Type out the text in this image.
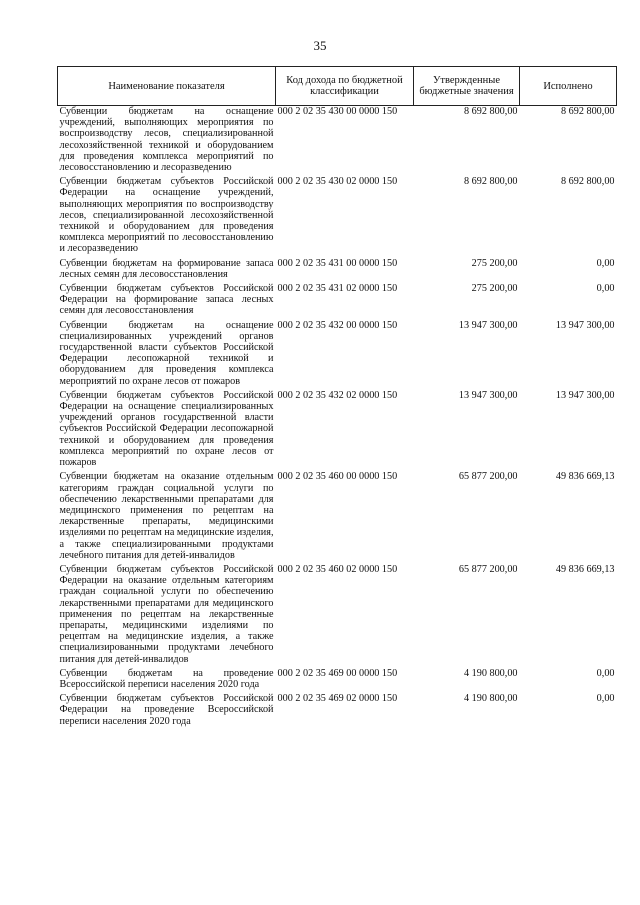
35
Наименование показателя	Код дохода по бюджетной классификации	Утвержденные бюджетные значения	Исполнено
Субвенции бюджетам на оснащение учреждений, выполняющих мероприятия по воспроизводству лесов, специализированной лесохозяйственной техникой и оборудованием для проведения комплекса мероприятий по лесовосстановлению и лесоразведению	000 2 02 35 430 00 0000 150	8 692 800,00	8 692 800,00
Субвенции бюджетам субъектов Российской Федерации на оснащение учреждений, выполняющих мероприятия по воспроизводству лесов, специализированной лесохозяйственной техникой и оборудованием для проведения комплекса мероприятий по лесовосстановлению и лесоразведению	000 2 02 35 430 02 0000 150	8 692 800,00	8 692 800,00
Субвенции бюджетам на формирование запаса лесных семян для лесовосстановления	000 2 02 35 431 00 0000 150	275 200,00	0,00
Субвенции бюджетам субъектов Российской Федерации на формирование запаса лесных семян для лесовосстановления	000 2 02 35 431 02 0000 150	275 200,00	0,00
Субвенции бюджетам на оснащение специализированных учреждений органов государственной власти субъектов Российской Федерации лесопожарной техникой и оборудованием для проведения комплекса мероприятий по охране лесов от пожаров	000 2 02 35 432 00 0000 150	13 947 300,00	13 947 300,00
Субвенции бюджетам субъектов Российской Федерации на оснащение специализированных учреждений органов государственной власти субъектов Российской Федерации лесопожарной техникой и оборудованием для проведения комплекса мероприятий по охране лесов от пожаров	000 2 02 35 432 02 0000 150	13 947 300,00	13 947 300,00
Субвенции бюджетам на оказание отдельным категориям граждан социальной услуги по обеспечению лекарственными препаратами для медицинского применения по рецептам на лекарственные препараты, медицинскими изделиями по рецептам на медицинские изделия, а также специализированными продуктами лечебного питания для детей-инвалидов	000 2 02 35 460 00 0000 150	65 877 200,00	49 836 669,13
Субвенции бюджетам субъектов Российской Федерации на оказание отдельным категориям граждан социальной услуги по обеспечению лекарственными препаратами для медицинского применения по рецептам на лекарственные препараты, медицинскими изделиями по рецептам на медицинские изделия, а также специализированными продуктами лечебного питания для детей-инвалидов	000 2 02 35 460 02 0000 150	65 877 200,00	49 836 669,13
Субвенции бюджетам на проведение Всероссийской переписи населения 2020 года	000 2 02 35 469 00 0000 150	4 190 800,00	0,00
Субвенции бюджетам субъектов Российской Федерации на проведение Всероссийской переписи населения 2020 года	000 2 02 35 469 02 0000 150	4 190 800,00	0,00
